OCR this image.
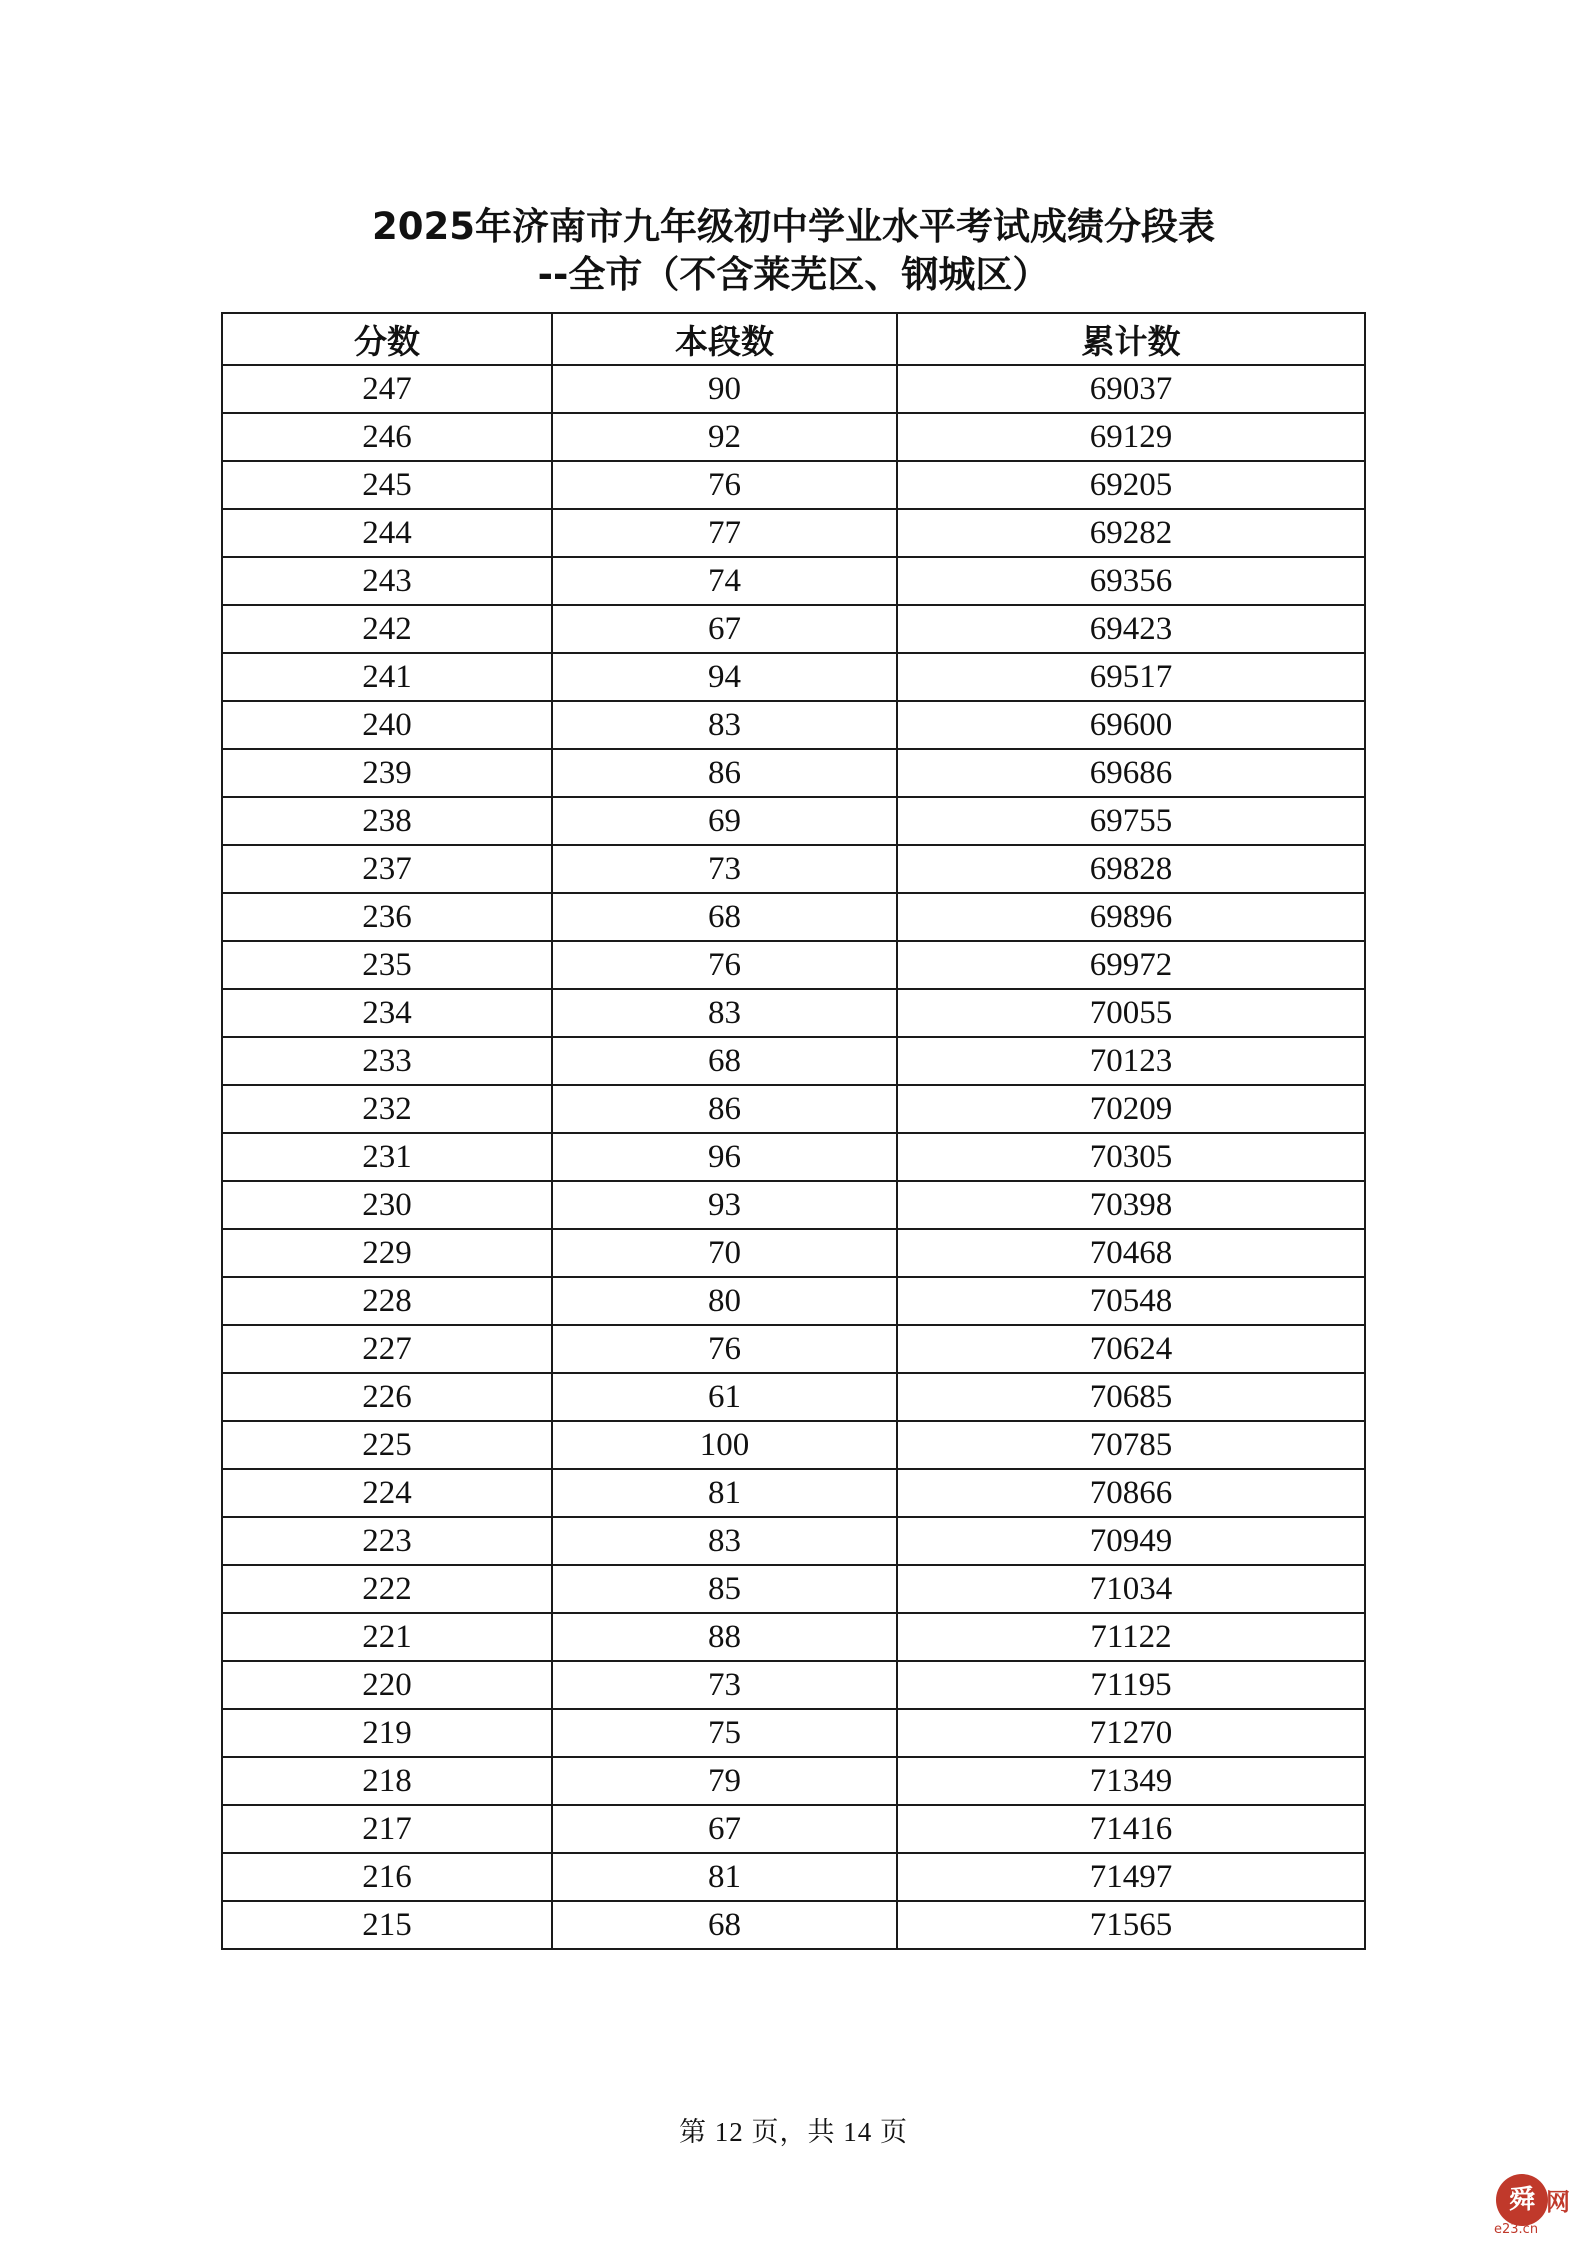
2025年济南市九年级初中学业水平考试成绩分段表
--全市（不含莱芜区、钢城区）
分数	本段数	累计数
247	90	69037
246	92	69129
245	76	69205
244	77	69282
243	74	69356
242	67	69423
241	94	69517
240	83	69600
239	86	69686
238	69	69755
237	73	69828
236	68	69896
235	76	69972
234	83	70055
233	68	70123
232	86	70209
231	96	70305
230	93	70398
229	70	70468
228	80	70548
227	76	70624
226	61	70685
225	100	70785
224	81	70866
223	83	70949
222	85	71034
221	88	71122
220	73	71195
219	75	71270
218	79	71349
217	67	71416
216	81	71497
215	68	71565
第 12 页，共 14 页
舜 网
e23.cn
